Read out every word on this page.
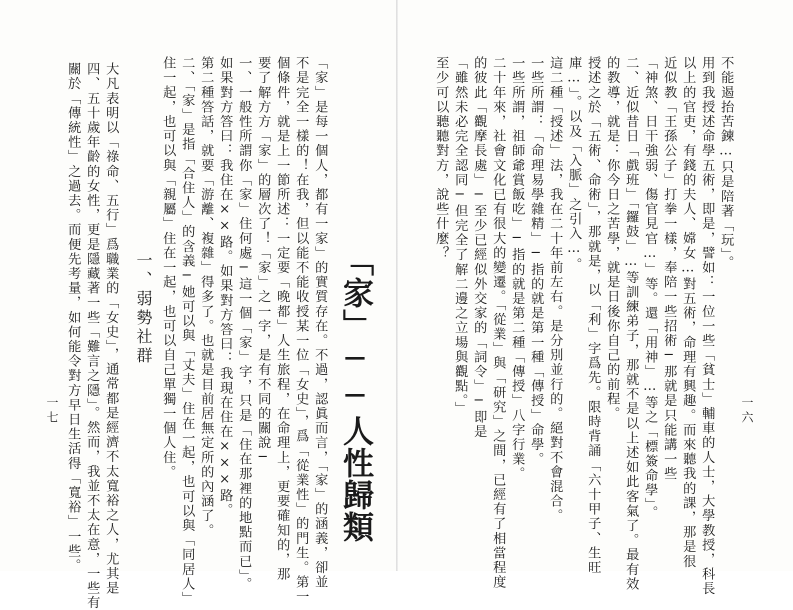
不能遏抬苦鍊…只是陪著「玩」。
用到我授述命學五術，即是，譬如：一位一些「貧士」輔車的人士，大學教授，科長
以上的官吏，有錢的夫人、嫦女…對五術，命理有興趣。而來聽我的課，那是很
近似教「王孫公子」打拳一樣，奉陪一些招術─那就是只能講一些
「神煞、日干強弱、傷官見官…」等。還「用神」…等之「標簽命學」。
二、近似昔日「戲班」「鑼鼓」…等訓練弟子，那就不是以上述如此客氣了。最有效
的教導，就是：你今日之苦學，就是日後你自己的前程。
授述之於「五術、命術」，那就是，以「利」字爲先。限時背誦「六十甲子、生旺
庫…」。以及「入脈」之引入…。
這二種「授述」法，我在二十年前左右。是分別並行的。絕對不會混合。
一些所謂：「命理易學雜精」─指的就是第一種「傳授」命學。
一些所謂，祖師爺賞飯吃」─指的就是第二種「傳授」八字行業。
二十年來，社會文化已有很大的變遷。「從業」與「研究」之間，已經有了相當程度
的彼此「觀摩長處」─至少已經似外交家的「詞令」─即是
「雖然未必完全認同─但完全了解二邊之立場與觀點。」
至少可以聽聽對方，說些什麼？
一六
「家」──人性歸類
「家」是每一個人，都有一家」的實質存在。不過，認眞而言，「家」的涵義，卻並
不是完全一樣的！在我，但以能不能收授某一位「女史」，爲「從業性」的門生。第一
個條件，就是上一節所述：一定要「晚都」人生旅程，在命理上，更要確知的，那
要了解方方「家」的層次了！「家」之一字，是有不同的關說─
一、一般性所謂你「家」住何處─這一個「家」字，只是「住在那裡的地點而已」。
如果對方答曰：我住在××路。如果對方答曰：我現在住在×××路。
第二種答話，就要「游離、複雜」得多了。也就是目前居無定所的內涵了。
二、「家」是指「合住人」的含義─她可以與「丈夫」住在一起，也可以與「同居人」
住一起，也可以與「親屬」住在一起，也可以自己單獨一個人住。
一、弱勢社群
大凡表明以「祿命、五行」爲職業的「女史」，通常都是經濟不太寬裕之人，尤其是
四、五十歲年齡的女性，更是隱藏著一些「難言之隱」。然而，我並不太在意，一些有
關於「傳統性」之過去。而便先考量，如何能令對方早日生活得「寬裕」一些。
一七
